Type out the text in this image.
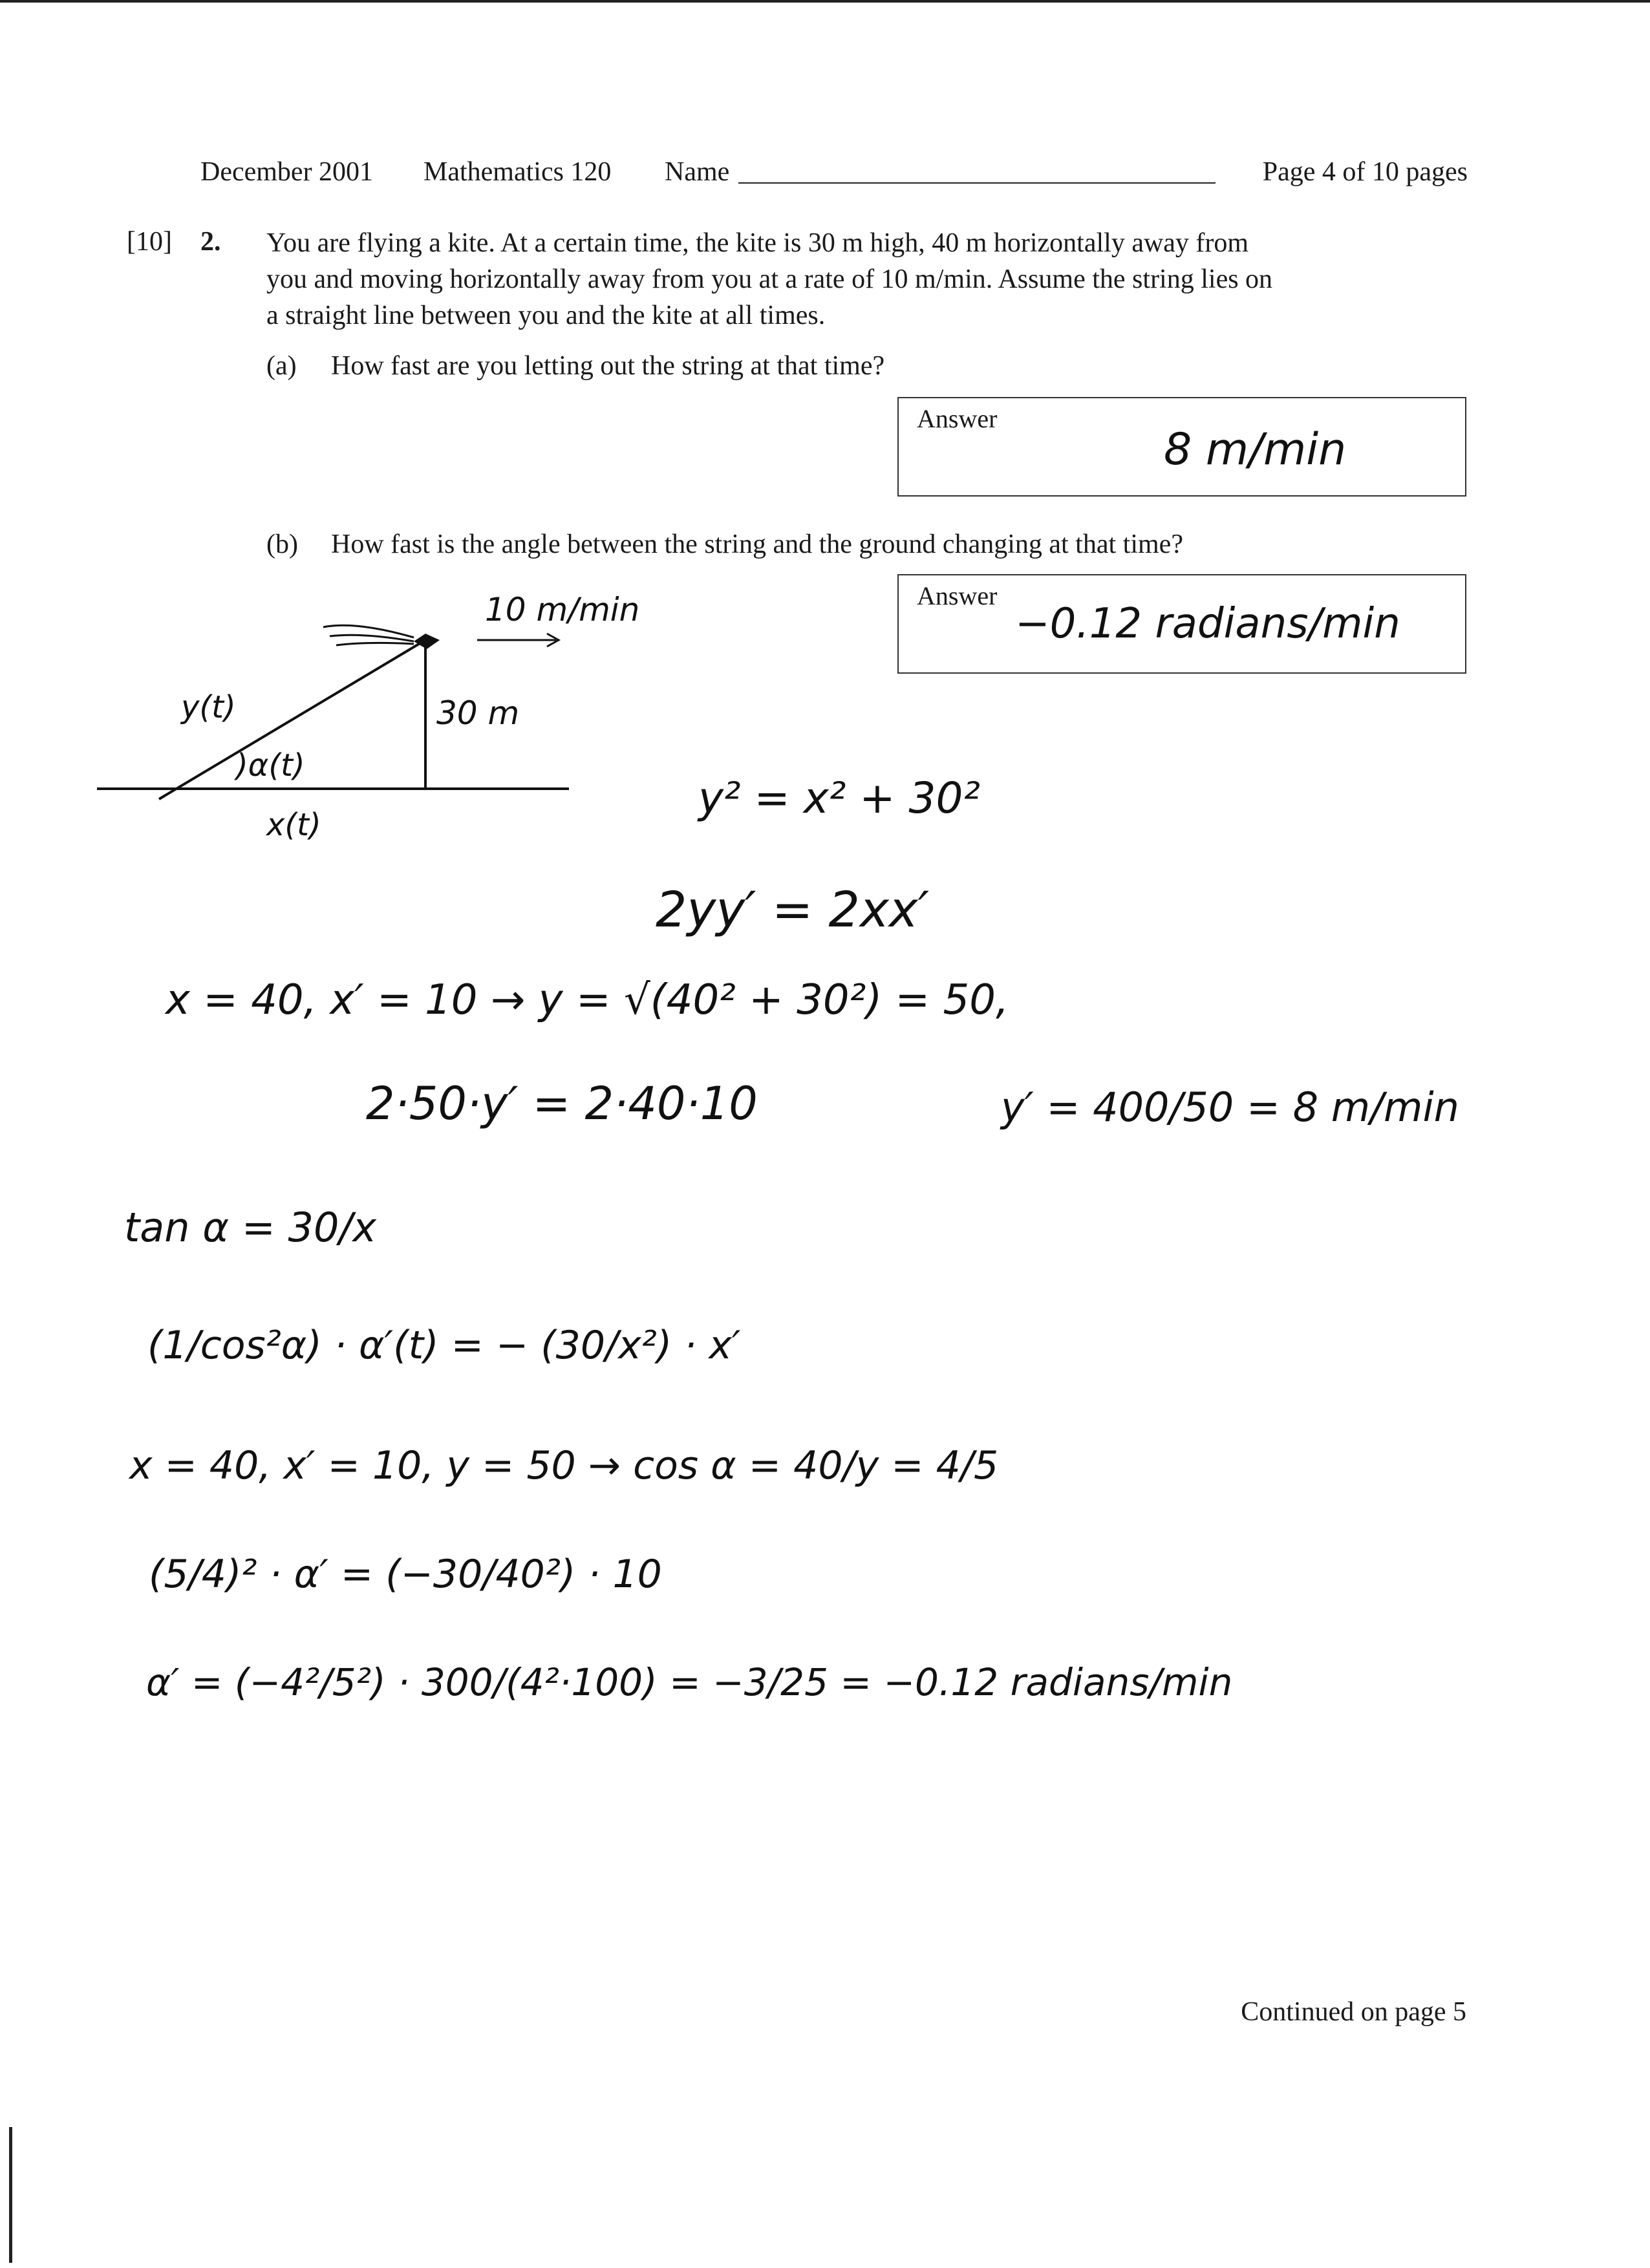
December 2001 Mathematics 120 Name	Page 4 of 10 pages
[10] 2. You are flying a kite. At a certain time, the kite is 30 m high, 40 m horizontally away from
you and moving horizontally away from you at a rate of 10 m/min. Assume the string lies on
a straight line between you and the kite at all times.
(a) How fast are you letting out the string at that time?
Answer
8 m/min
(b) How fast is the angle between the string and the ground changing at that time?
Answer
−0.12 radians/min
10 m/min
30 m
y(t)
)α(t)
x(t)
y² = x² + 30²
2yy′ = 2xx′
x = 40, x′ = 10 → y = √(40² + 30²) = 50,
2·50·y′ = 2·40·10	y′ = 400/50 = 8 m/min
tan α = 30/x
(1/cos²α) · α′(t) = − (30/x²) · x′
x = 40, x′ = 10, y = 50 → cos α = 40/y = 4/5
(5/4)² · α′ = (−30/40²) · 10
α′ = (−4²/5²) · 300/(4²·100) = −3/25 = −0.12 radians/min
Continued on page 5
